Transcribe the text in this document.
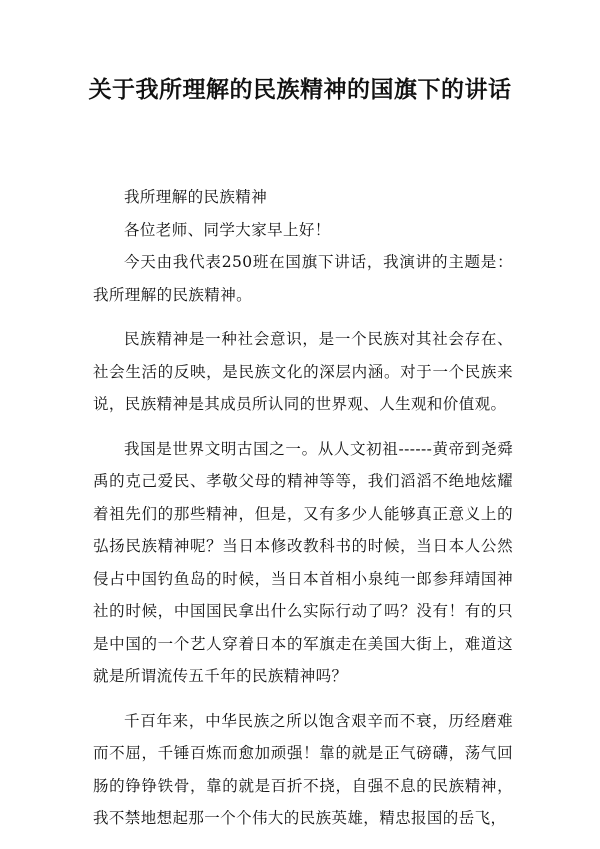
关于我所理解的民族精神的国旗下的讲话

我所理解的民族精神

各位老师、同学大家早上好！

今天由我代表250班在国旗下讲话，我演讲的主题是：我所理解的民族精神。

民族精神是一种社会意识，是一个民族对其社会存在、社会生活的反映，是民族文化的深层内涵。对于一个民族来说，民族精神是其成员所认同的世界观、人生观和价值观。

我国是世界文明古国之一。从人文初祖------黄帝到尧舜禹的克己爱民、孝敬父母的精神等等，我们滔滔不绝地炫耀着祖先们的那些精神，但是，又有多少人能够真正意义上的弘扬民族精神呢？当日本修改教科书的时候，当日本人公然侵占中国钓鱼岛的时候，当日本首相小泉纯一郎参拜靖国神社的时候，中国国民拿出什么实际行动了吗？没有！有的只是中国的一个艺人穿着日本的军旗走在美国大街上，难道这就是所谓流传五千年的民族精神吗？

千百年来，中华民族之所以饱含艰辛而不衰，历经磨难而不屈，千锤百炼而愈加顽强！靠的就是正气磅礴，荡气回肠的铮铮铁骨，靠的就是百折不挠，自强不息的民族精神，我不禁地想起那一个个伟大的民族英雄，精忠报国的岳飞，
